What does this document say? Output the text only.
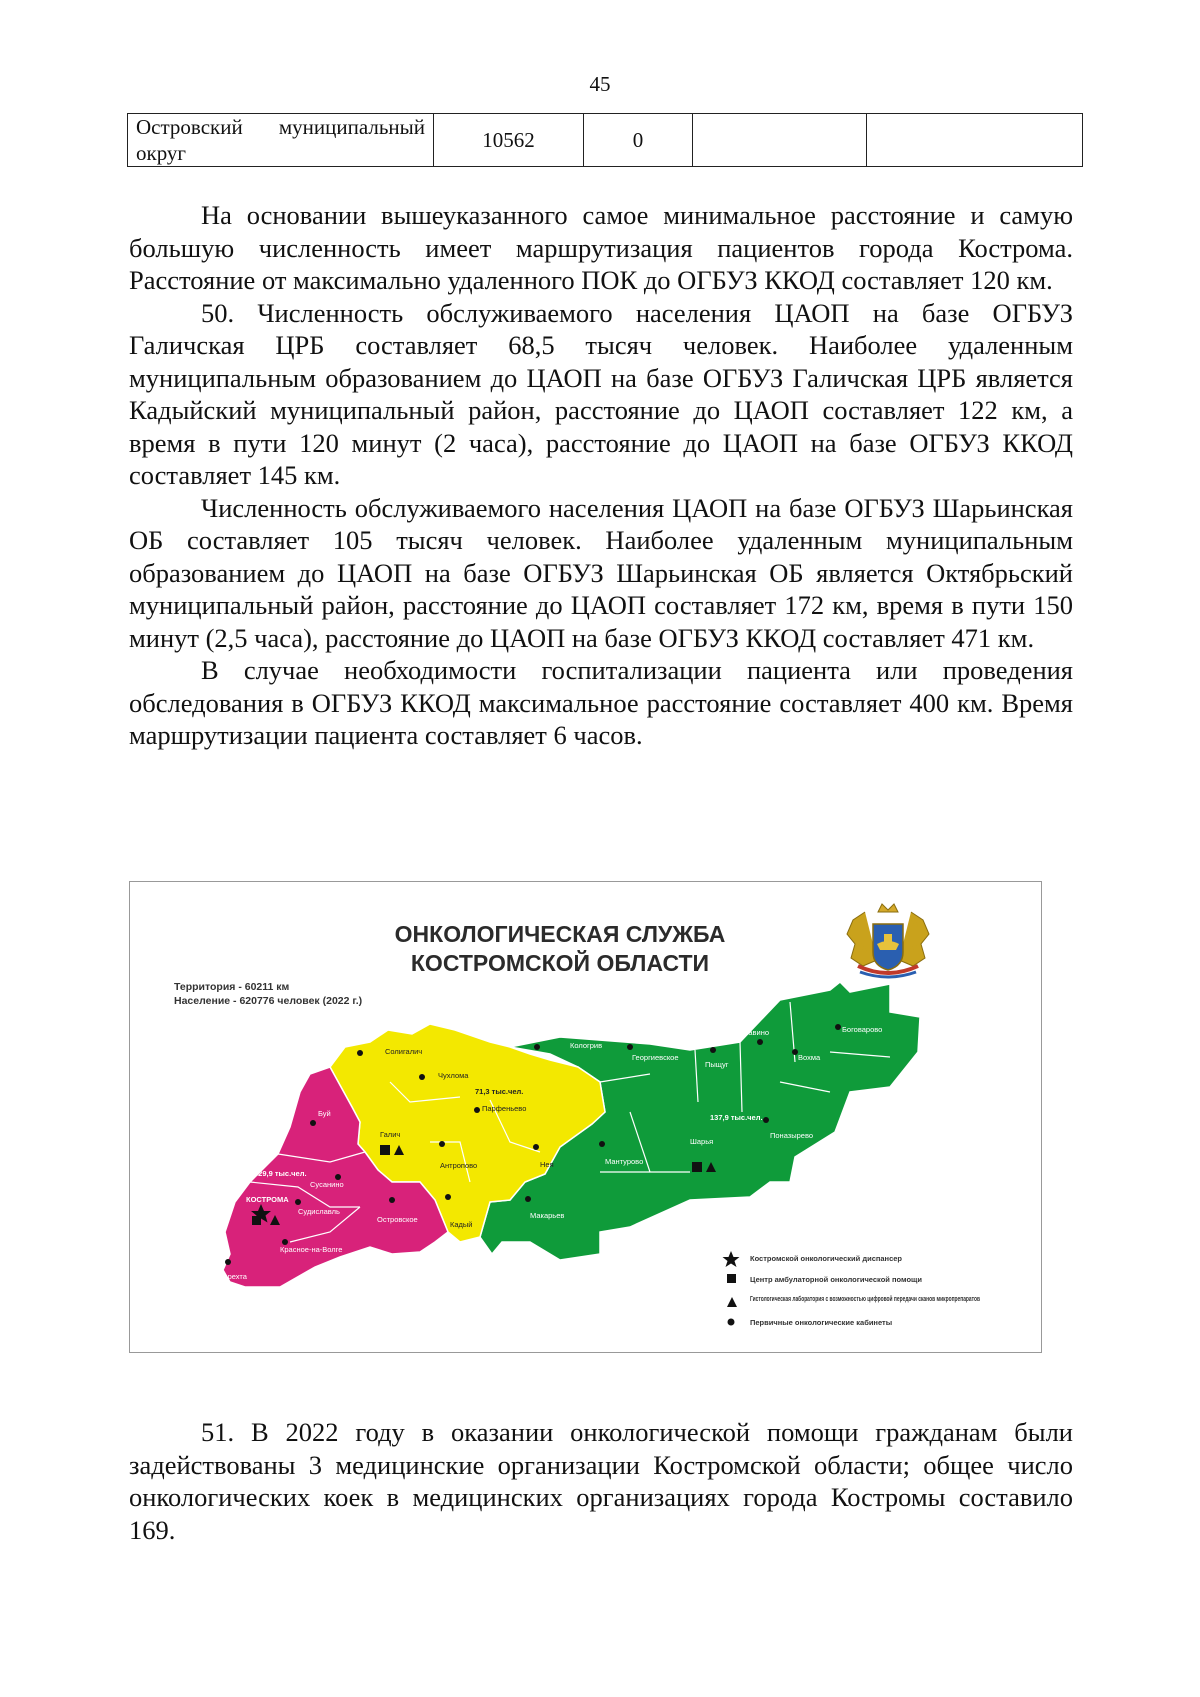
45
Островский муниципальный округ	10562	0		

На основании вышеуказанного самое минимальное расстояние и самую большую численность имеет маршрутизация пациентов города Кострома. Расстояние от максимально удаленного ПОК до ОГБУЗ ККОД составляет 120 км.

50. Численность обслуживаемого населения ЦАОП на базе ОГБУЗ Галичская ЦРБ составляет 68,5 тысяч человек. Наиболее удаленным муниципальным образованием до ЦАОП на базе ОГБУЗ Галичская ЦРБ является Кадыйский муниципальный район, расстояние до ЦАОП составляет 122 км, а время в пути 120 минут (2 часа), расстояние до ЦАОП на базе ОГБУЗ ККОД составляет 145 км.

Численность обслуживаемого населения ЦАОП на базе ОГБУЗ Шарьинская ОБ составляет 105 тысяч человек. Наиболее удаленным муниципальным образованием до ЦАОП на базе ОГБУЗ Шарьинская ОБ является Октябрьский муниципальный район, расстояние до ЦАОП составляет 172 км, время в пути 150 минут (2,5 часа), расстояние до ЦАОП на базе ОГБУЗ ККОД составляет 471 км.

В случае необходимости госпитализации пациента или проведения обследования в ОГБУЗ ККОД максимальное расстояние составляет 400 км. Время маршрутизации пациента составляет 6 часов.

ОНКОЛОГИЧЕСКАЯ СЛУЖБА
КОСТРОМСКОЙ ОБЛАСТИ
Территория - 60211 км
Население - 620776 человек (2022 г.)
429,9 тыс.чел.
71,3 тыс.чел.
137,9 тыс.чел.
Солигалич
Чухлома
Буй
Галич
Парфеньево
Антропово	Нея
Сусанино
КОСТРОМА
Судиславль
Островское
Кадый
Красное-на-Волге
Нерехта
Кологрив
Георгиевское
Пыщуг
Павино
Вохма
Боговарово
Шарья
Поназырево
Мантурово
Макарьев
Костромской онкологический диспансер
Центр амбулаторной онкологической помощи
Гистологическая лаборатория с возможностью цифровой передачи сканов микропрепаратов
Первичные онкологические кабинеты

51. В 2022 году в оказании онкологической помощи гражданам были задействованы 3 медицинские организации Костромской области; общее число онкологических коек в медицинских организациях города Костромы составило 169.
